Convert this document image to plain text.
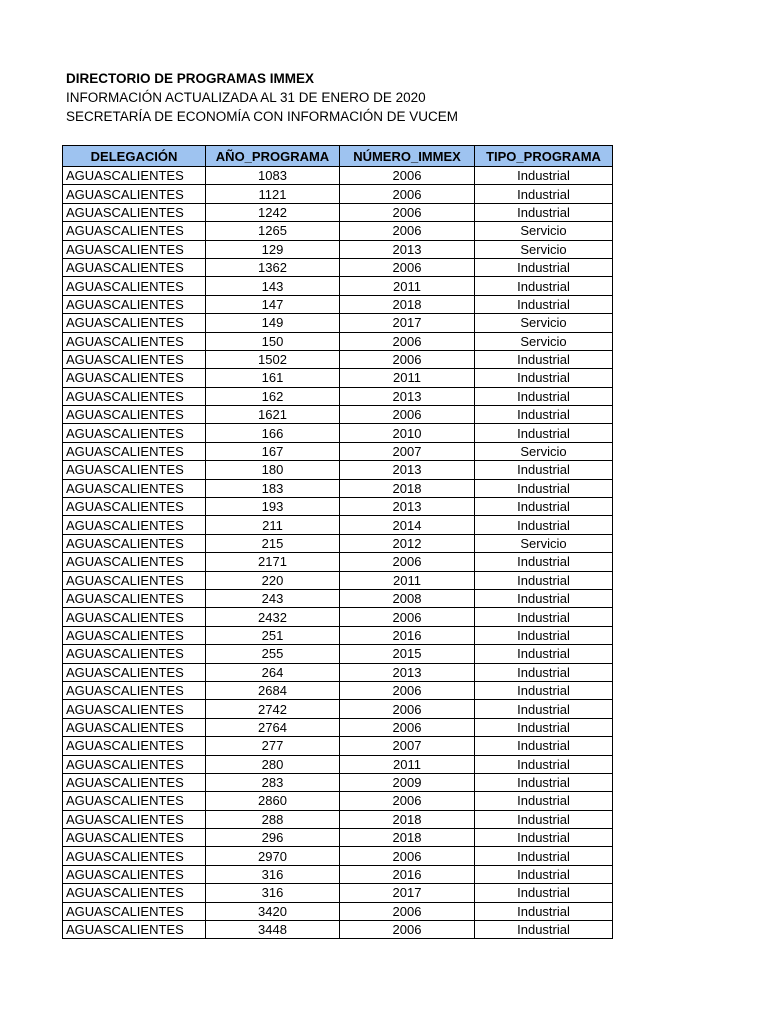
DIRECTORIO DE PROGRAMAS IMMEX
INFORMACIÓN ACTUALIZADA AL 31 DE ENERO DE 2020
SECRETARÍA DE ECONOMÍA CON INFORMACIÓN DE VUCEM
DELEGACIÓN	AÑO_PROGRAMA	NÚMERO_IMMEX	TIPO_PROGRAMA
AGUASCALIENTES	1083	2006	Industrial
AGUASCALIENTES	1121	2006	Industrial
AGUASCALIENTES	1242	2006	Industrial
AGUASCALIENTES	1265	2006	Servicio
AGUASCALIENTES	129	2013	Servicio
AGUASCALIENTES	1362	2006	Industrial
AGUASCALIENTES	143	2011	Industrial
AGUASCALIENTES	147	2018	Industrial
AGUASCALIENTES	149	2017	Servicio
AGUASCALIENTES	150	2006	Servicio
AGUASCALIENTES	1502	2006	Industrial
AGUASCALIENTES	161	2011	Industrial
AGUASCALIENTES	162	2013	Industrial
AGUASCALIENTES	1621	2006	Industrial
AGUASCALIENTES	166	2010	Industrial
AGUASCALIENTES	167	2007	Servicio
AGUASCALIENTES	180	2013	Industrial
AGUASCALIENTES	183	2018	Industrial
AGUASCALIENTES	193	2013	Industrial
AGUASCALIENTES	211	2014	Industrial
AGUASCALIENTES	215	2012	Servicio
AGUASCALIENTES	2171	2006	Industrial
AGUASCALIENTES	220	2011	Industrial
AGUASCALIENTES	243	2008	Industrial
AGUASCALIENTES	2432	2006	Industrial
AGUASCALIENTES	251	2016	Industrial
AGUASCALIENTES	255	2015	Industrial
AGUASCALIENTES	264	2013	Industrial
AGUASCALIENTES	2684	2006	Industrial
AGUASCALIENTES	2742	2006	Industrial
AGUASCALIENTES	2764	2006	Industrial
AGUASCALIENTES	277	2007	Industrial
AGUASCALIENTES	280	2011	Industrial
AGUASCALIENTES	283	2009	Industrial
AGUASCALIENTES	2860	2006	Industrial
AGUASCALIENTES	288	2018	Industrial
AGUASCALIENTES	296	2018	Industrial
AGUASCALIENTES	2970	2006	Industrial
AGUASCALIENTES	316	2016	Industrial
AGUASCALIENTES	316	2017	Industrial
AGUASCALIENTES	3420	2006	Industrial
AGUASCALIENTES	3448	2006	Industrial
